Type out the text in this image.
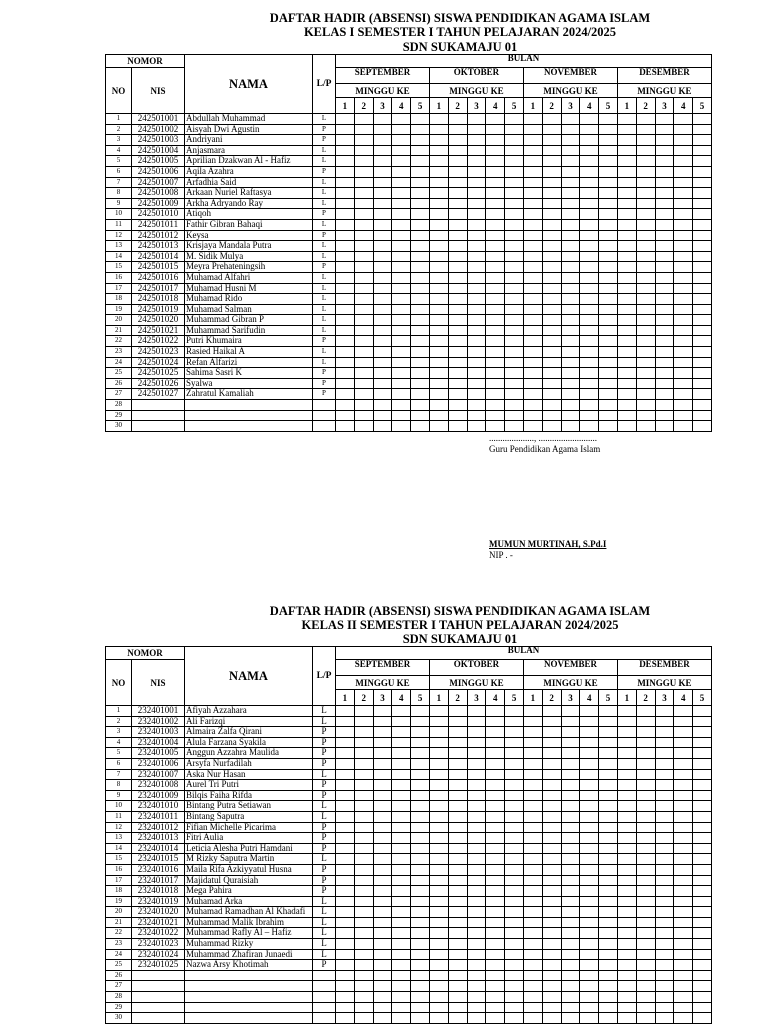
DAFTAR HADIR (ABSENSI) SISWA PENDIDIKAN AGAMA ISLAM
KELAS I SEMESTER I TAHUN PELAJARAN 2024/2025
SDN SUKAMAJU 01
NOMOR		NAMA	L/P	BULAN																			
NO	NIS			SEPTEMBER					OKTOBER					NOVEMBER					DESEMBER				
				MINGGU KE					MINGGU KE					MINGGU KE					MINGGU KE				
				1	2	3	4	5	1	2	3	4	5	1	2	3	4	5	1	2	3	4	5
1	242501001	Abdullah Muhammad	L																				
2	242501002	Aisyah Dwi Agustin	P																				
3	242501003	Andriyani	P																				
4	242501004	Anjasmara	L																				
5	242501005	Aprilian Dzakwan Al - Hafiz	L																				
6	242501006	Aqila Azahra	P																				
7	242501007	Arfadhia Said	L																				
8	242501008	Arkaan Nuriel Raftasya	L																				
9	242501009	Arkha Adryando Ray	L																				
10	242501010	Atiqoh	P																				
11	242501011	Fathir Gibran Bahaqi	L																				
12	242501012	Keysa	P																				
13	242501013	Krisjaya Mandala Putra	L																				
14	242501014	M. Sidik Mulya	L																				
15	242501015	Meyra Prehateningsih	P																				
16	242501016	Muhamad Alfahri	L																				
17	242501017	Muhamad Husni M	L																				
18	242501018	Muhamad Rido	L																				
19	242501019	Muhamad Salman	L																				
20	242501020	Muhammad Gibran P	L																				
21	242501021	Muhammad Sarifudin	L																				
22	242501022	Putri Khumaira	P																				
23	242501023	Rasied Haikal A	L																				
24	242501024	Refan Alfarizi	L																				
25	242501025	Sahima Sasri K	P																				
26	242501026	Syalwa	P																				
27	242501027	Zahratul Kamaliah	P																				
28																							
29																							
30																							
...................., ..........................
Guru Pendidikan Agama Islam
MUMUN MURTINAH, S.Pd.I
NIP . -
DAFTAR HADIR (ABSENSI) SISWA PENDIDIKAN AGAMA ISLAM
KELAS II SEMESTER I TAHUN PELAJARAN 2024/2025
SDN SUKAMAJU 01
NOMOR		NAMA	L/P	BULAN																			
NO	NIS			SEPTEMBER					OKTOBER					NOVEMBER					DESEMBER				
				MINGGU KE					MINGGU KE					MINGGU KE					MINGGU KE				
				1	2	3	4	5	1	2	3	4	5	1	2	3	4	5	1	2	3	4	5
1	232401001	Afiyah Azzahara	L																				
2	232401002	Ali Farizqi	L																				
3	232401003	Almaira Zalfa Qirani	P																				
4	232401004	Alula Farzana Syakila	P																				
5	232401005	Anggun Azzahra Maulida	P																				
6	232401006	Arsyfa Nurfadilah	P																				
7	232401007	Aska Nur Hasan	L																				
8	232401008	Aurel Tri Putri	P																				
9	232401009	Bilqis Faiha Rifda	P																				
10	232401010	Bintang Putra Setiawan	L																				
11	232401011	Bintang Saputra	L																				
12	232401012	Fifian Michelle Picarima	P																				
13	232401013	Fitri Aulia	P																				
14	232401014	Leticia Alesha Putri Hamdani	P																				
15	232401015	M Rizky Saputra Martin	L																				
16	232401016	Maila Rifa Azkiyyatul Husna	P																				
17	232401017	Majidatul Quraisiah	P																				
18	232401018	Mega Pahira	P																				
19	232401019	Muhamad Arka	L																				
20	232401020	Muhamad Ramadhan Al Khadafi	L																				
21	232401021	Muhammad Malik Ibrahim	L																				
22	232401022	Muhammad Rafly Al – Hafiz	L																				
23	232401023	Muhammad Rizky	L																				
24	232401024	Muhammad Zhafiran Junaedi	L																				
25	232401025	Nazwa Arsy Khotimah	P																				
26																							
27																							
28																							
29																							
30																							
